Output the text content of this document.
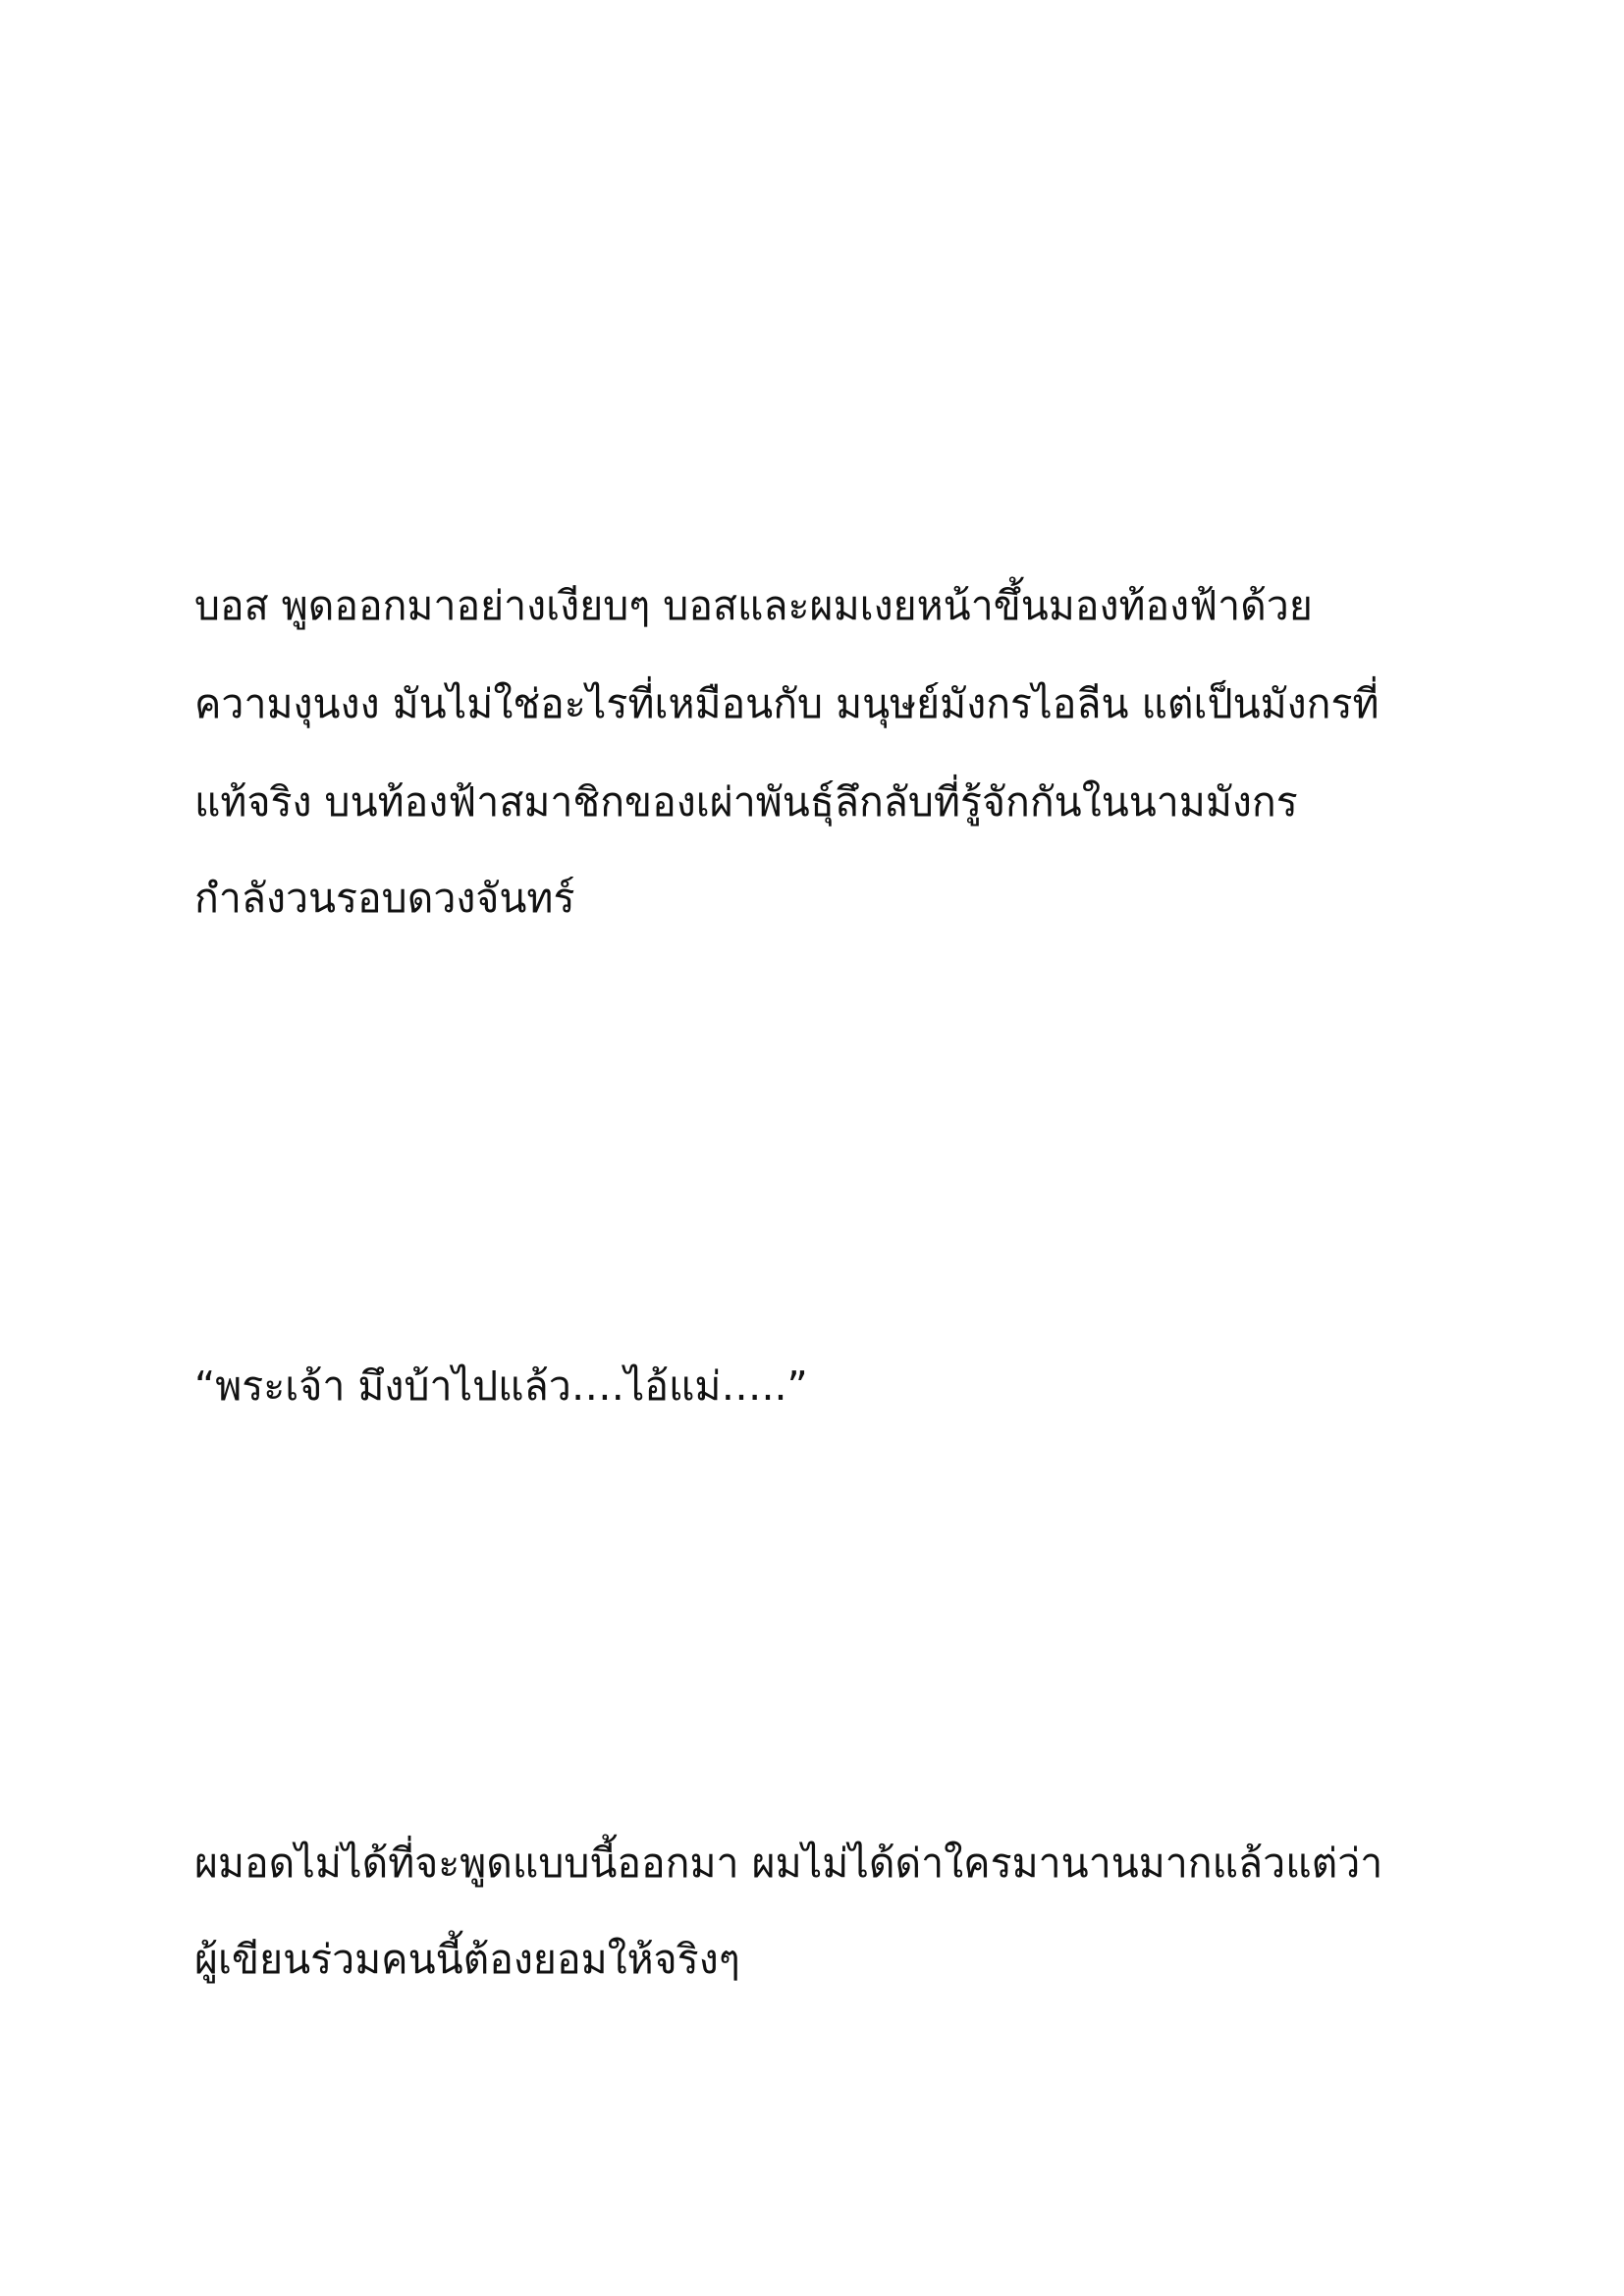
บอส พูดออกมาอย่างเงียบๆ บอสและผมเงยหน้าขึ้นมองท้องฟ้าด้วย
ความงุนงง มันไม่ใช่อะไรที่เหมือนกับ มนุษย์มังกรไอลีน แต่เป็นมังกรที่
แท้จริง บนท้องฟ้าสมาชิกของเผ่าพันธุ์ลึกลับที่รู้จักกันในนามมังกร
กำลังวนรอบดวงจันทร์
“พระเจ้า มึงบ้าไปแล้ว….ไอ้แม่…..”
ผมอดไม่ได้ที่จะพูดแบบนี้ออกมา ผมไม่ได้ด่าใครมานานมากแล้วแต่ว่า
ผู้เขียนร่วมคนนี้ต้องยอมให้จริงๆ
